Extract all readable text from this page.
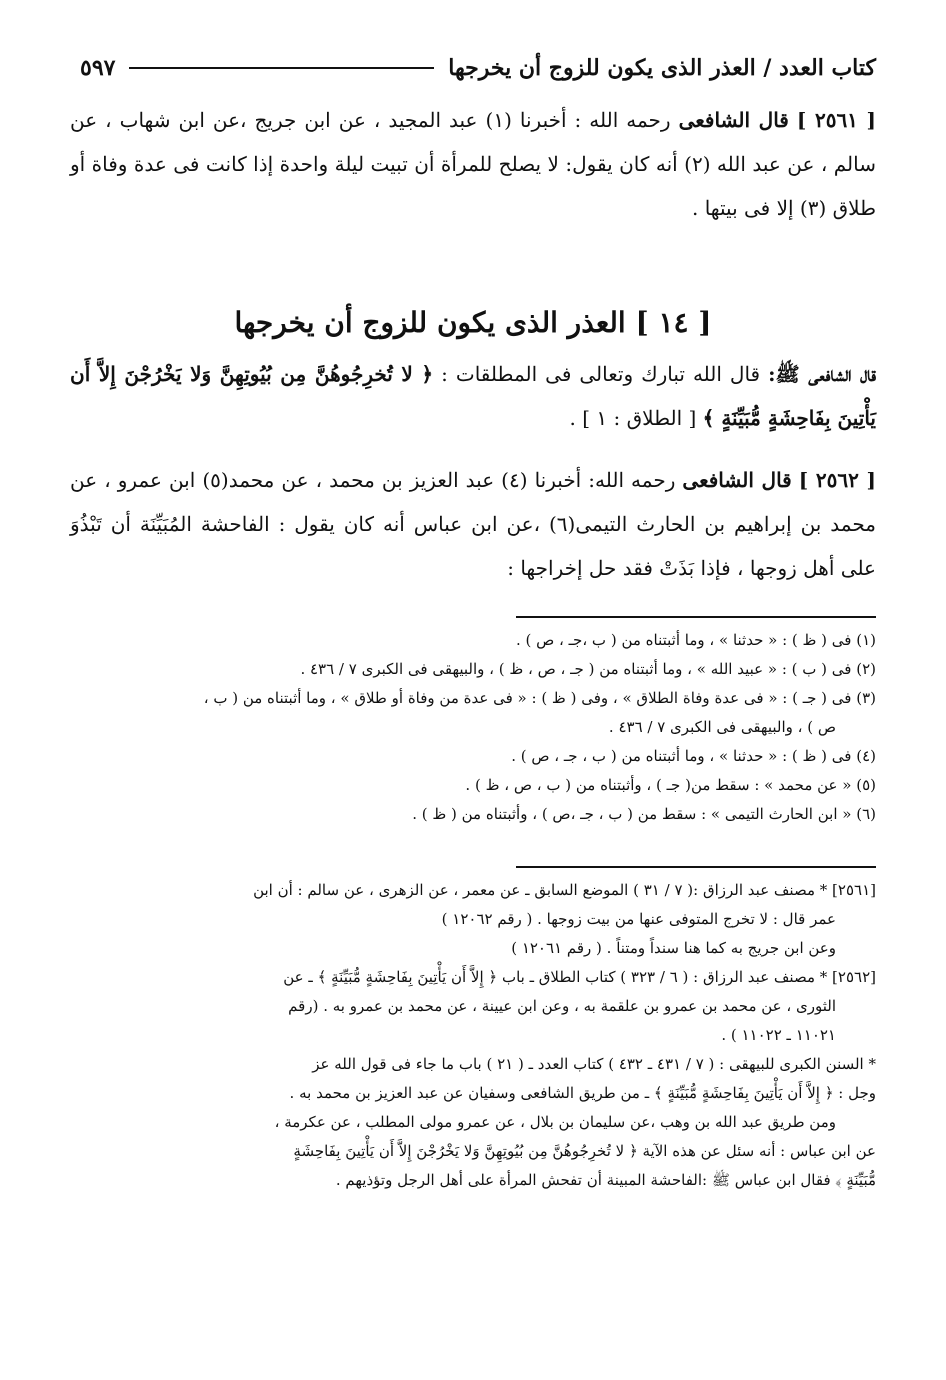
كتاب العدد / العذر الذى يكون للزوج أن يخرجها
٥٩٧

[ ٢٥٦١ ] قال الشافعى رحمه الله : أخبرنا (١) عبد المجيد ، عن ابن جريج ،عن ابن شهاب ، عن سالم ، عن عبد الله (٢) أنه كان يقول: لا يصلح للمرأة أن تبيت ليلة واحدة إذا كانت فى عدة وفاة أو طلاق (٣) إلا فى بيتها .

[ ١٤ ] العذر الذى يكون للزوج أن يخرجها

قال الشافعى ﷺ: قال الله تبارك وتعالى فى المطلقات : ﴿ لا تُخرِجُوهُنَّ مِن بُيُوتِهِنَّ وَلا يَخْرُجْنَ إِلاَّ أَن يَأْتِينَ بِفَاحِشَةٍ مُّبَيِّنَةٍ ﴾ [ الطلاق : ١ ] .

[ ٢٥٦٢ ] قال الشافعى رحمه الله: أخبرنا (٤) عبد العزيز بن محمد ، عن محمد(٥) ابن عمرو ، عن محمد بن إبراهيم بن الحارث التيمى(٦) ،عن ابن عباس أنه كان يقول : الفاحشة المُبَيِّنَة أن تَبْذُوَ على أهل زوجها ، فإذا بَذَتْ فقد حل إخراجها :

(١) فى ( ظ ) : « حدثنا » ، وما أثبتناه من ( ب ،جـ ، ص ) .

(٢) فى ( ب ) : « عبيد الله » ، وما أثبتناه من ( جـ ، ص ، ظ ) ، والبيهقى فى الكبرى ٧ / ٤٣٦ .

(٣) فى ( جـ ) : « فى عدة وفاة الطلاق » ، وفى ( ظ ) : « فى عدة من وفاة أو طلاق » ، وما أثبتناه من ( ب ،

ص ) ، والبيهقى فى الكبرى ٧ / ٤٣٦ .

(٤) فى ( ظ ) : « حدثنا » ، وما أثبتناه من ( ب ، جـ ، ص ) .

(٥) « عن محمد » : سقط من( جـ ) ، وأثبتناه من ( ب ، ص ، ظ ) .

(٦) « ابن الحارث التيمى » : سقط من ( ب ، جـ ،ص ) ، وأثبتناه من ( ظ ) .

[٢٥٦١] * مصنف عبد الرزاق :( ٧ / ٣١ ) الموضع السابق ـ عن معمر ، عن الزهرى ، عن سالم : أن ابن

عمر قال : لا تخرج المتوفى عنها من بيت زوجها . ( رقم ١٢٠٦٢ )

وعن ابن جريج به كما هنا سنداً ومتناً . ( رقم ١٢٠٦١ )

[٢٥٦٢] * مصنف عبد الرزاق : ( ٦ / ٣٢٣ ) كتاب الطلاق ـ باب ﴿ إِلاَّ أَن يَأْتِينَ بِفَاحِشَةٍ مُّبَيِّنَةٍ ﴾ ـ عن

الثورى ، عن محمد بن عمرو بن علقمة به ، وعن ابن عيينة ، عن محمد بن عمرو به . (رقم

١١٠٢١ ـ ١١٠٢٢ ) .

* السنن الكبرى للبيهقى : ( ٧ / ٤٣١ ـ ٤٣٢ ) كتاب العدد ـ ( ٢١ ) باب ما جاء فى قول الله عز

وجل : ﴿ إِلاَّ أَن يَأْتِينَ بِفَاحِشَةٍ مُّبَيِّنَةٍ ﴾ ـ من طريق الشافعى وسفيان عن عبد العزيز بن محمد به .

ومن طريق عبد الله بن وهب ،عن سليمان بن بلال ، عن عمرو مولى المطلب ، عن عكرمة ،

عن ابن عباس : أنه سئل عن هذه الآية ﴿ لا تُخرِجُوهُنَّ مِن بُيُوتِهِنَّ وَلا يَخْرُجْنَ إِلاَّ أَن يَأْتِينَ بِفَاحِشَةٍ

مُّبَيِّنَةٍ ﴾ فقال ابن عباس ﷺ :الفاحشة المبينة أن تفحش المرأة على أهل الرجل وتؤذيهم .
